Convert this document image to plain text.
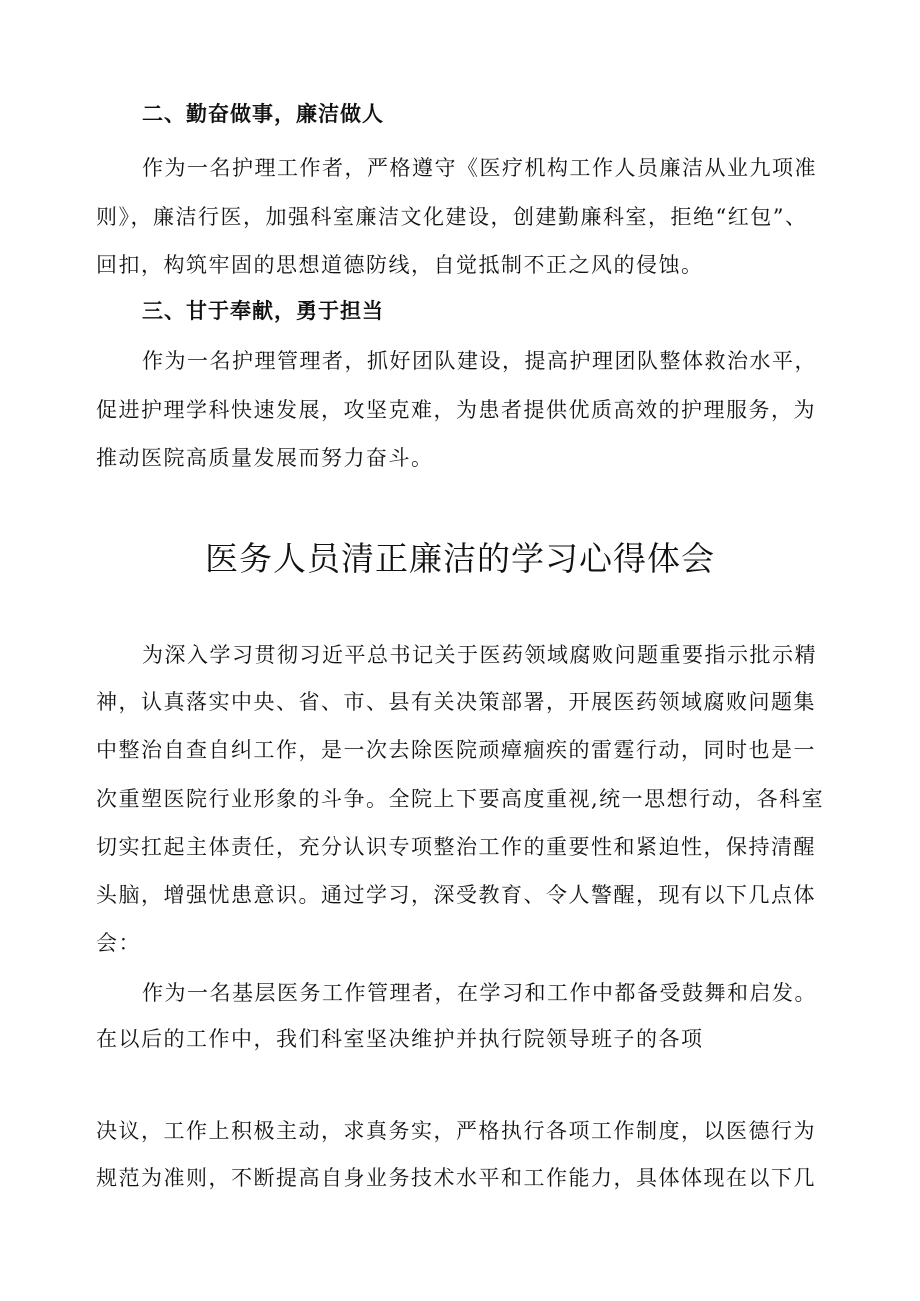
二、勤奋做事，廉洁做人
作为一名护理工作者，严格遵守《医疗机构工作人员廉洁从业九项准
则》，廉洁行医，加强科室廉洁文化建设，创建勤廉科室，拒绝“红包”、
回扣，构筑牢固的思想道德防线，自觉抵制不正之风的侵蚀。
三、甘于奉献，勇于担当
作为一名护理管理者，抓好团队建设，提高护理团队整体救治水平，
促进护理学科快速发展，攻坚克难，为患者提供优质高效的护理服务，为
推动医院高质量发展而努力奋斗。
医务人员清正廉洁的学习心得体会
为深入学习贯彻习近平总书记关于医药领域腐败问题重要指示批示精
神，认真落实中央、省、市、县有关决策部署，开展医药领域腐败问题集
中整治自查自纠工作，是一次去除医院顽瘴痼疾的雷霆行动，同时也是一
次重塑医院行业形象的斗争。全院上下要高度重视,统一思想行动，各科室
切实扛起主体责任，充分认识专项整治工作的重要性和紧迫性，保持清醒
头脑，增强忧患意识。通过学习，深受教育、令人警醒，现有以下几点体
会：
作为一名基层医务工作管理者，在学习和工作中都备受鼓舞和启发。
在以后的工作中，我们科室坚决维护并执行院领导班子的各项
决议，工作上积极主动，求真务实，严格执行各项工作制度，以医德行为
规范为准则，不断提高自身业务技术水平和工作能力，具体体现在以下几
